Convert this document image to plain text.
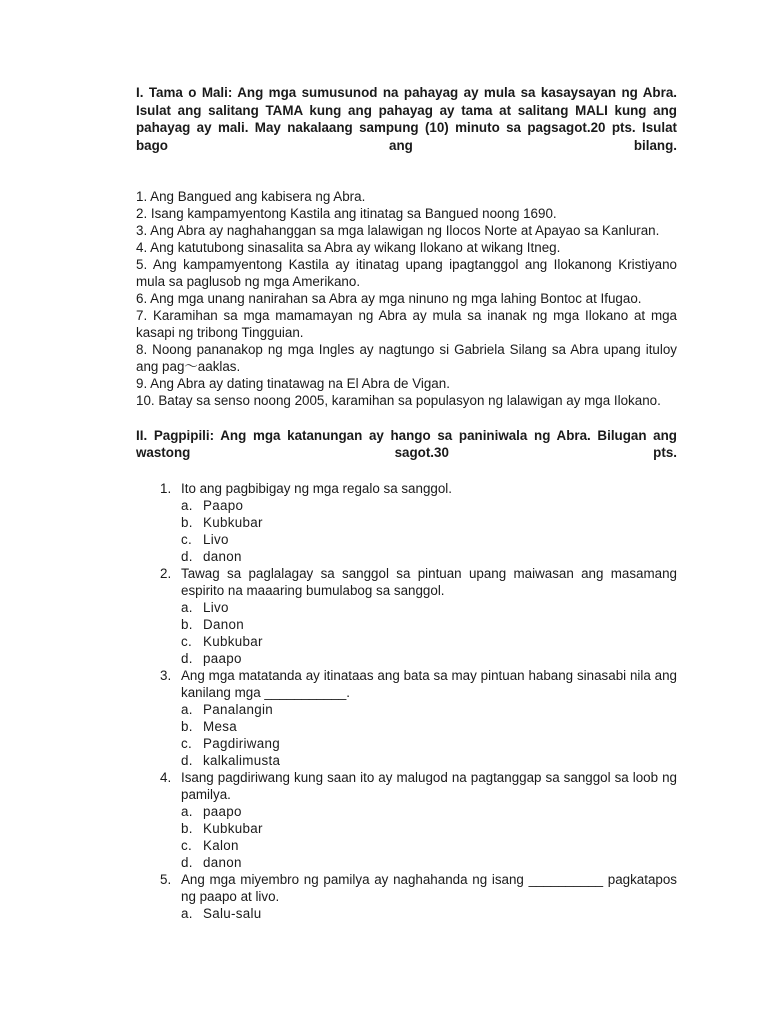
I. Tama o Mali: Ang mga sumusunod na pahayag ay mula sa kasaysayan ng Abra. Isulat ang salitang TAMA kung ang pahayag ay tama at salitang MALI kung ang pahayag ay mali. May nakalaang sampung (10) minuto sa pagsagot.20 pts. Isulat bago ang bilang.

1. Ang Bangued ang kabisera ng Abra.
2. Isang kampamyentong Kastila ang itinatag sa Bangued noong 1690.
3. Ang Abra ay naghahanggan sa mga lalawigan ng Ilocos Norte at Apayao sa Kanluran.
4. Ang katutubong sinasalita sa Abra ay wikang Ilokano at wikang Itneg.
5. Ang kampamyentong Kastila ay itinatag upang ipagtanggol ang Ilokanong Kristiyano mula sa paglusob ng mga Amerikano.
6. Ang mga unang nanirahan sa Abra ay mga ninuno ng mga lahing Bontoc at Ifugao.
7. Karamihan sa mga mamamayan ng Abra ay mula sa inanak ng mga Ilokano at mga kasapi ng tribong Tingguian.
8. Noong pananakop ng mga Ingles ay nagtungo si Gabriela Silang sa Abra upang ituloy ang pag～aaklas.
9. Ang Abra ay dating tinatawag na El Abra de Vigan.
10. Batay sa senso noong 2005, karamihan sa populasyon ng lalawigan ay mga Ilokano.

II. Pagpipili: Ang mga katanungan ay hango sa paniniwala ng Abra. Bilugan ang wastong sagot.30 pts.

1. Ito ang pagbibigay ng mga regalo sa sanggol.

a. Paapo
b. Kubkubar
c. Livo
d. danon
2. Tawag sa paglalagay sa sanggol sa pintuan upang maiwasan ang masamang espirito na maaaring bumulabog sa sanggol.

a. Livo
b. Danon
c. Kubkubar
d. paapo
3. Ang mga matatanda ay itinataas ang bata sa may pintuan habang sinasabi nila ang kanilang mga ___________.

a. Panalangin
b. Mesa
c. Pagdiriwang
d. kalkalimusta
4. Isang pagdiriwang kung saan ito ay malugod na pagtanggap sa sanggol sa loob ng pamilya.

a. paapo
b. Kubkubar
c. Kalon
d. danon
5. Ang mga miyembro ng pamilya ay naghahanda ng isang __________ pagkatapos ng paapo at livo.

a. Salu-salu
